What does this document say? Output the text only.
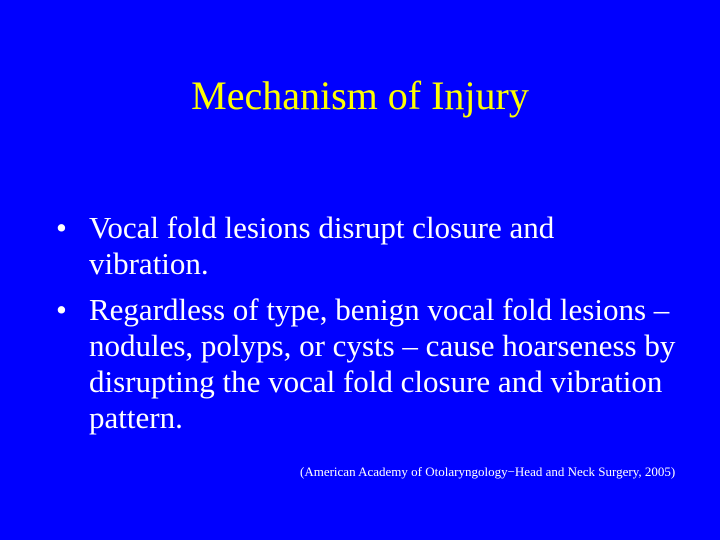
Mechanism of Injury
• Vocal fold lesions disrupt closure and vibration.
• Regardless of type, benign vocal fold lesions – nodules, polyps, or cysts – cause hoarseness by disrupting the vocal fold closure and vibration pattern.
(American Academy of Otolaryngology−Head and Neck Surgery, 2005)
